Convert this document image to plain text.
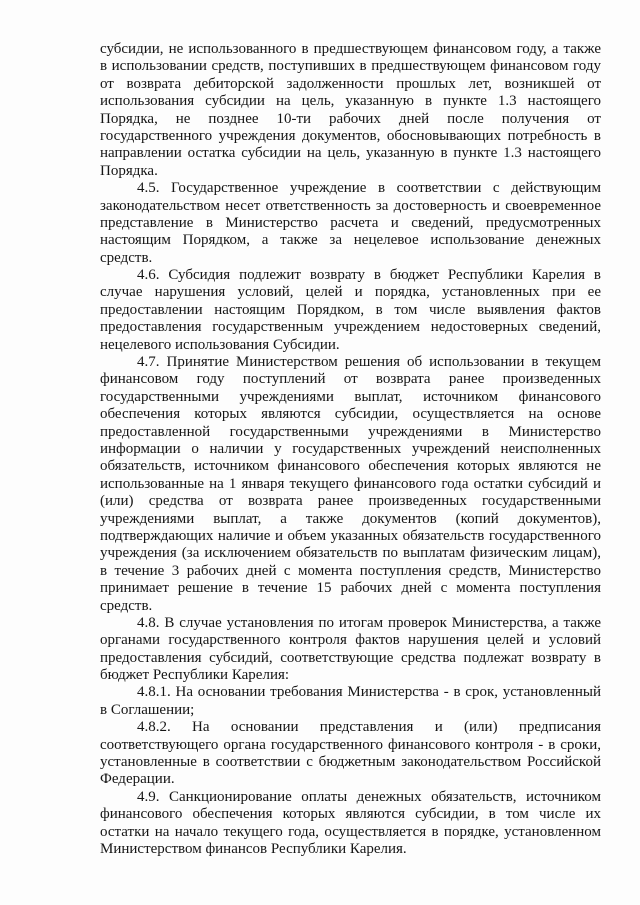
субсидии, не использованного в предшествующем финансовом году, а также
в использовании средств, поступивших в предшествующем финансовом году
от возврата дебиторской задолженности прошлых лет, возникшей от
использования субсидии на цель, указанную в пункте 1.3 настоящего
Порядка, не позднее 10-ти рабочих дней после получения от
государственного учреждения документов, обосновывающих потребность в
направлении остатка субсидии на цель, указанную в пункте 1.3 настоящего
Порядка.
4.5. Государственное учреждение в соответствии с действующим
законодательством несет ответственность за достоверность и своевременное
представление в Министерство расчета и сведений, предусмотренных
настоящим Порядком, а также за нецелевое использование денежных
средств.
4.6. Субсидия подлежит возврату в бюджет Республики Карелия в
случае нарушения условий, целей и порядка, установленных при ее
предоставлении настоящим Порядком, в том числе выявления фактов
предоставления государственным учреждением недостоверных сведений,
нецелевого использования Субсидии.
4.7. Принятие Министерством решения об использовании в текущем
финансовом году поступлений от возврата ранее произведенных
государственными учреждениями выплат, источником финансового
обеспечения которых являются субсидии, осуществляется на основе
предоставленной государственными учреждениями в Министерство
информации о наличии у государственных учреждений неисполненных
обязательств, источником финансового обеспечения которых являются не
использованные на 1 января текущего финансового года остатки субсидий и
(или) средства от возврата ранее произведенных государственными
учреждениями выплат, а также документов (копий документов),
подтверждающих наличие и объем указанных обязательств государственного
учреждения (за исключением обязательств по выплатам физическим лицам),
в течение 3 рабочих дней с момента поступления средств, Министерство
принимает решение в течение 15 рабочих дней с момента поступления
средств.
4.8. В случае установления по итогам проверок Министерства, а также
органами государственного контроля фактов нарушения целей и условий
предоставления субсидий, соответствующие средства подлежат возврату в
бюджет Республики Карелия:
4.8.1. На основании требования Министерства - в срок, установленный
в Соглашении;
4.8.2. На основании представления и (или) предписания
соответствующего органа государственного финансового контроля - в сроки,
установленные в соответствии с бюджетным законодательством Российской
Федерации.
4.9. Санкционирование оплаты денежных обязательств, источником
финансового обеспечения которых являются субсидии, в том числе их
остатки на начало текущего года, осуществляется в порядке, установленном
Министерством финансов Республики Карелия.
